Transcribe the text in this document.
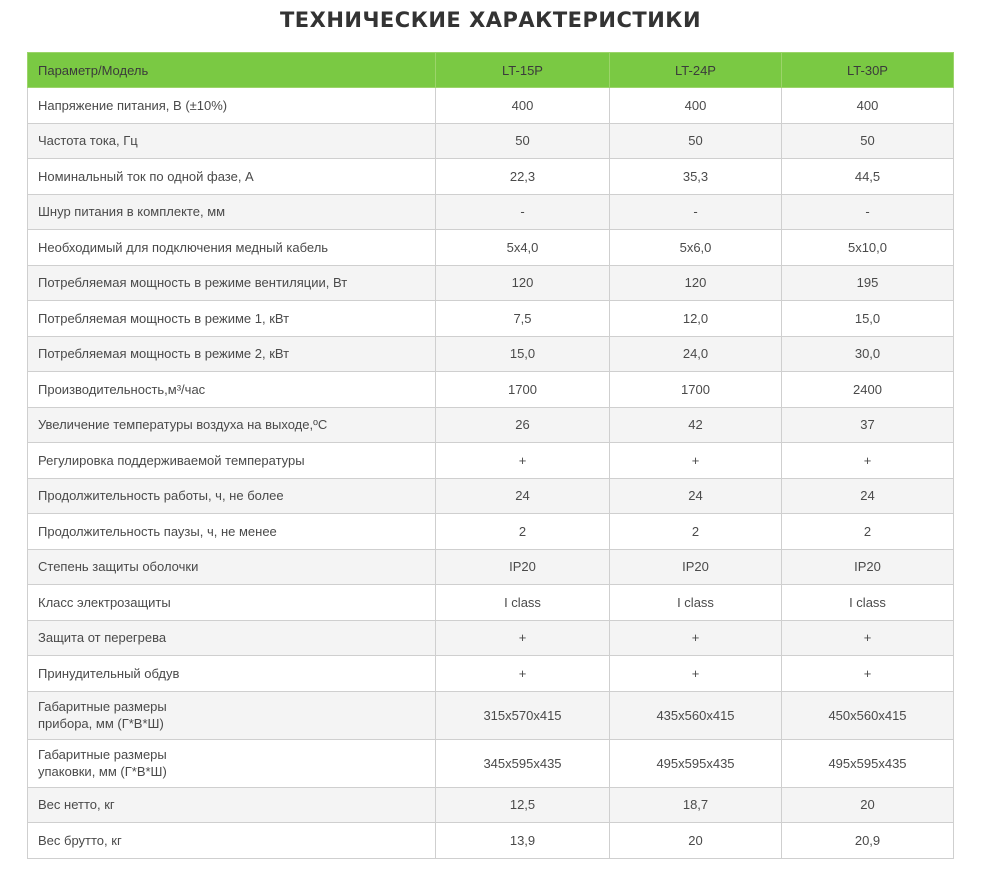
ТЕХНИЧЕСКИЕ ХАРАКТЕРИСТИКИ
Параметр/Модель	LT-15P	LT-24P	LT-30P
Напряжение питания, В (±10%)	400	400	400
Частота тока, Гц	50	50	50
Номинальный ток по одной фазе, А	22,3	35,3	44,5
Шнур питания в комплекте, мм	-	-	-
Необходимый для подключения медный кабель	5x4,0	5x6,0	5x10,0
Потребляемая мощность в режиме вентиляции, Вт	120	120	195
Потребляемая мощность в режиме 1, кВт	7,5	12,0	15,0
Потребляемая мощность в режиме 2, кВт	15,0	24,0	30,0
Производительность,м³/час	1700	1700	2400
Увеличение температуры воздуха на выходе,ºC	26	42	37
Регулировка поддерживаемой температуры	+	+	+
Продолжительность работы, ч, не более	24	24	24
Продолжительность паузы, ч, не менее	2	2	2
Степень защиты оболочки	IP20	IP20	IP20
Класс электрозащиты	I class	I class	I class
Защита от перегрева	+	+	+
Принудительный обдув	+	+	+

Габаритные размеры
прибора, мм (Г*В*Ш)	315x570x415	435x560x415	450x560x415

Габаритные размеры
упаковки, мм (Г*В*Ш)	345x595x435	495x595x435	495x595x435
Вес нетто, кг	12,5	18,7	20
Вес брутто, кг	13,9	20	20,9
